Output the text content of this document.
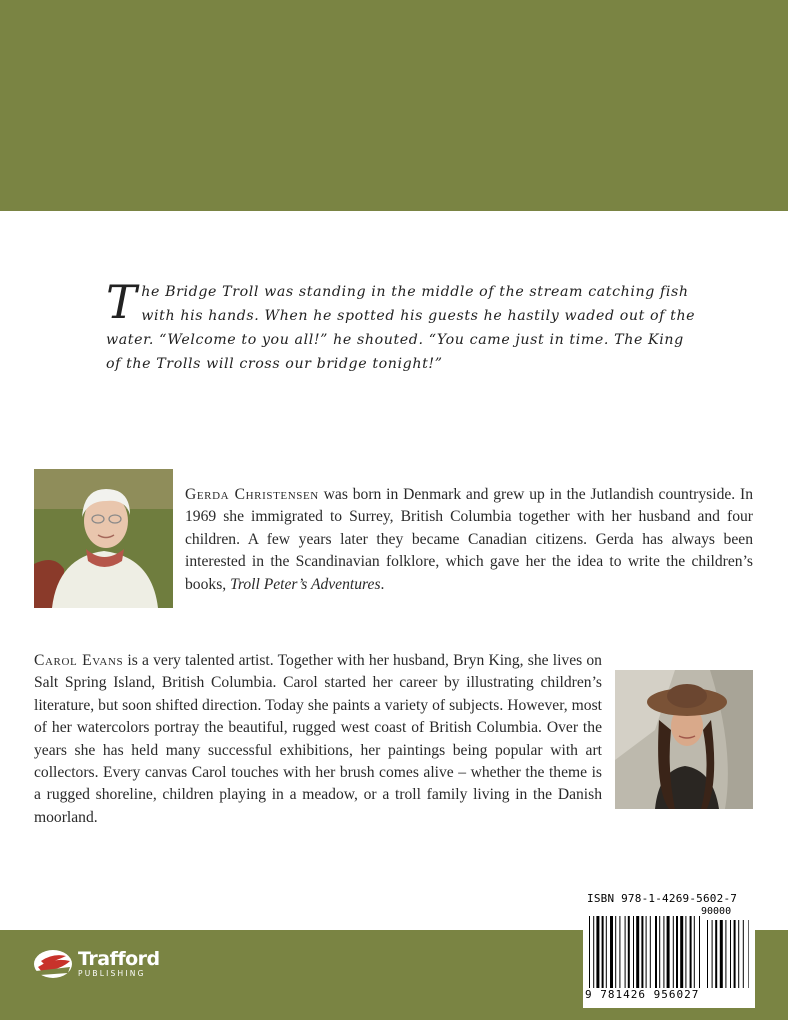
The Bridge Troll was standing in the middle of the stream catching fish with his hands. When he spotted his guests he hastily waded out of the water. “Welcome to you all!” he shouted. “You came just in time. The King of the Trolls will cross our bridge tonight!”
Gerda Christensen was born in Denmark and grew up in the Jutlandish countryside. In 1969 she immigrated to Surrey, British Columbia together with her husband and four children. A few years later they became Canadian citizens. Gerda has always been interested in the Scandinavian folklore, which gave her the idea to write the children’s books, Troll Peter’s Adventures.
Carol Evans is a very talented artist. Together with her husband, Bryn King, she lives on Salt Spring Island, British Columbia. Carol started her career by illustrating children’s literature, but soon shifted direction. Today she paints a variety of subjects. However, most of her watercolors portray the beautiful, rugged west coast of British Columbia. Over the years she has held many successful exhibitions, her paintings being popular with art collectors. Every canvas Carol touches with her brush comes alive – whether the theme is a rugged shoreline, children playing in a meadow, or a troll family living in the Danish moorland.
Trafford
PUBLISHING
ISBN 978-1-4269-5602-7
90000
9 781426 956027
